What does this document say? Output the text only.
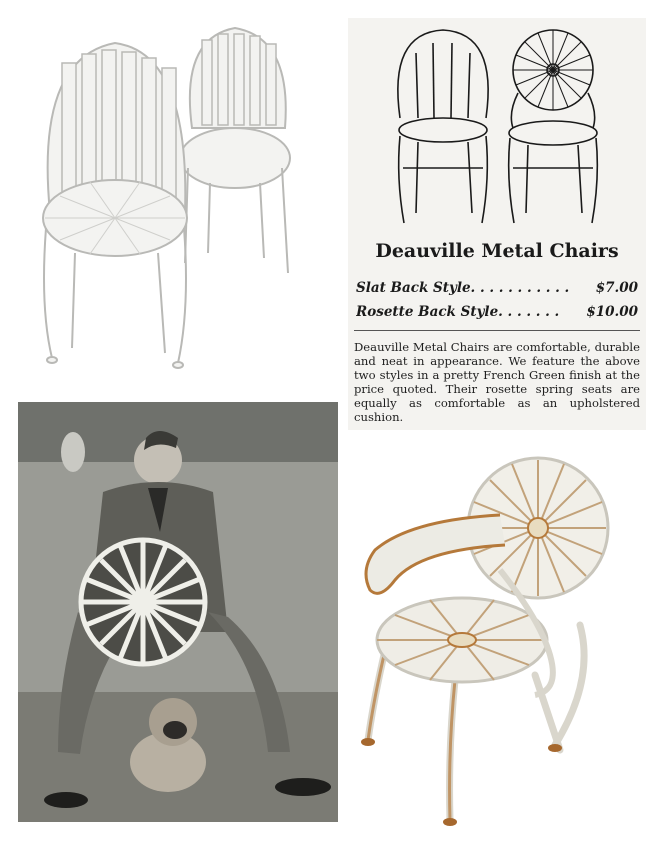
Deauville Metal Chairs
Slat Back Style. . . . . . . . . . . $7.00
Rosette Back Style. . . . . . . $10.00
Deauville Metal Chairs are comfortable, durable and neat in appearance. We feature the above two styles in a pretty French Green finish at the price quoted. Their rosette spring seats are equally as comfortable as an upholstered cushion.
